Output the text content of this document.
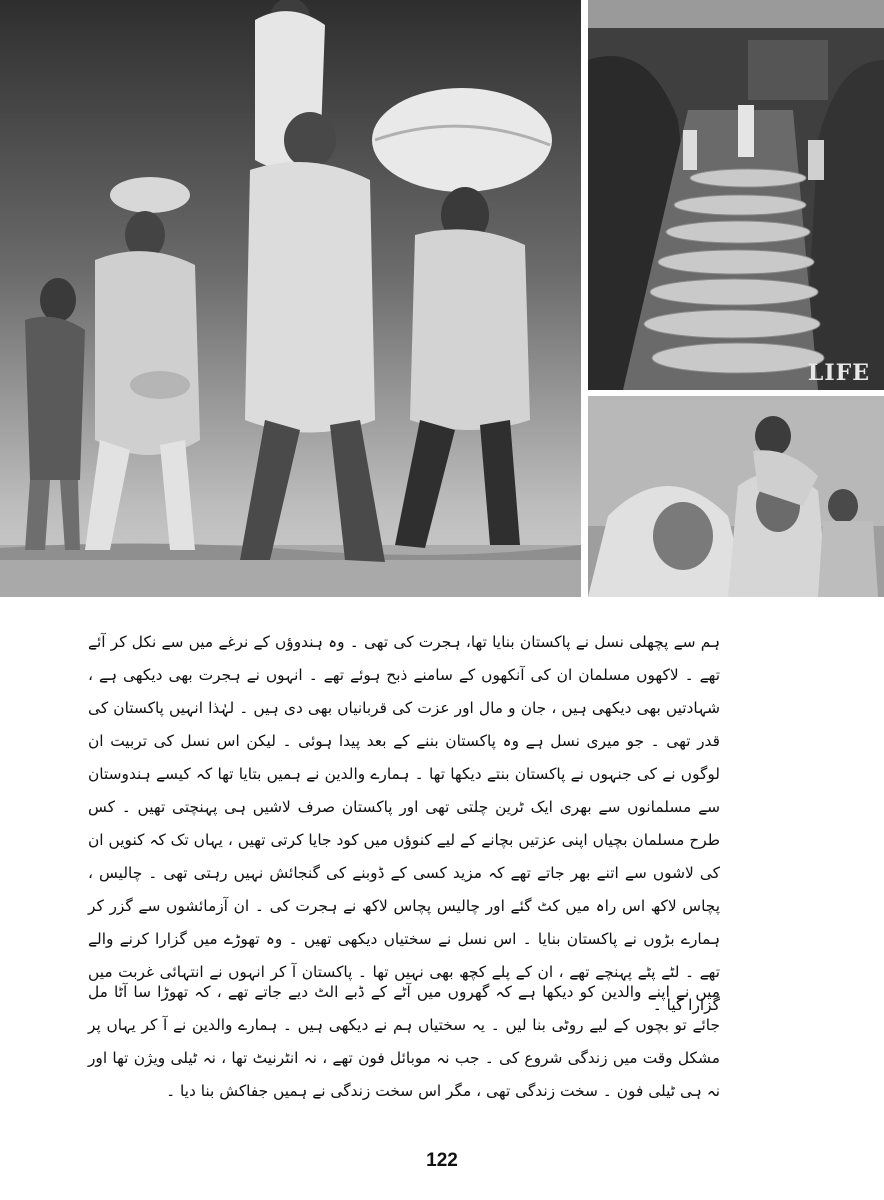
LIFE
ہم سے پچھلی نسل نے پاکستان بنایا تھا، ہجرت کی تھی ۔ وہ ہندوؤں کے نرغے میں سے نکل کر آئے تھے ۔ لاکھوں مسلمان ان کی آنکھوں کے سامنے ذبح ہوئے تھے ۔ انہوں نے ہجرت بھی دیکھی ہے ، شہادتیں بھی دیکھی ہیں ، جان و مال اور عزت کی قربانیاں بھی دی ہیں ۔ لہٰذا انہیں پاکستان کی قدر تھی ۔ جو میری نسل ہے وہ پاکستان بننے کے بعد پیدا ہوئی ۔ لیکن اس نسل کی تربیت ان لوگوں نے کی جنہوں نے پاکستان بنتے دیکھا تھا ۔ ہمارے والدین نے ہمیں بتایا تھا کہ کیسے ہندوستان سے مسلمانوں سے بھری ایک ٹرین چلتی تھی اور پاکستان صرف لاشیں ہی پہنچتی تھیں ۔ کس طرح مسلمان بچیاں اپنی عزتیں بچانے کے لیے کنوؤں میں کود جایا کرتی تھیں ، یہاں تک کہ کنویں ان کی لاشوں سے اتنے بھر جاتے تھے کہ مزید کسی کے ڈوبنے کی گنجائش نہیں رہتی تھی ۔ چالیس ، پچاس لاکھ اس راہ میں کٹ گئے اور چالیس پچاس لاکھ نے ہجرت کی ۔ ان آزمائشوں سے گزر کر ہمارے بڑوں نے پاکستان بنایا ۔ اس نسل نے سختیاں دیکھی تھیں ۔ وہ تھوڑے میں گزارا کرنے والے تھے ۔ لٹے پٹے پہنچے تھے ، ان کے پلے کچھ بھی نہیں تھا ۔ پاکستان آ کر انہوں نے انتہائی غربت میں گزارا کیا ۔
میں نے اپنے والدین کو دیکھا ہے کہ گھروں میں آٹے کے ڈبے الٹ دیے جاتے تھے ، کہ تھوڑا سا آٹا مل جائے تو بچوں کے لیے روٹی بنا لیں ۔ یہ سختیاں ہم نے دیکھی ہیں ۔ ہمارے والدین نے آ کر یہاں پر مشکل وقت میں زندگی شروع کی ۔ جب نہ موبائل فون تھے ، نہ انٹرنیٹ تھا ، نہ ٹیلی ویژن تھا اور نہ ہی ٹیلی فون ۔ سخت زندگی تھی ، مگر اس سخت زندگی نے ہمیں جفاکش بنا دیا ۔
122
